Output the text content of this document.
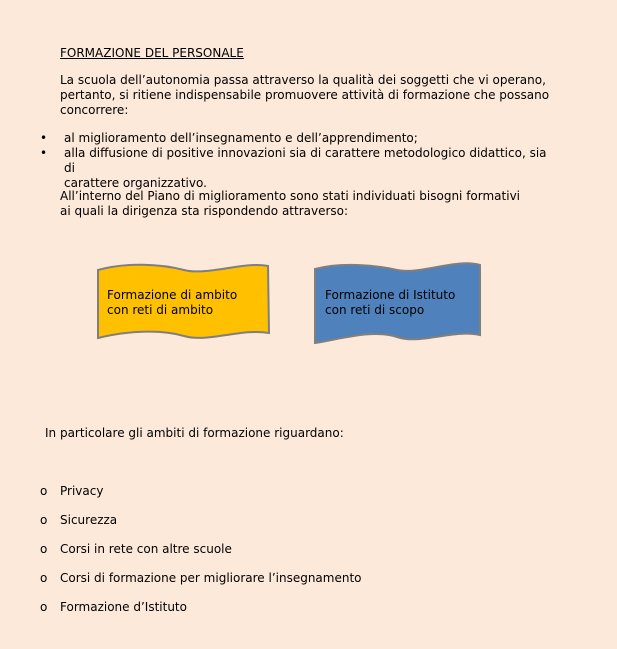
FORMAZIONE DEL PERSONALE
La scuola dell’autonomia passa attraverso la qualità dei soggetti che vi operano,
pertanto, si ritiene indispensabile promuovere attività di formazione che possano
concorrere:
• al miglioramento dell’insegnamento e dell’apprendimento;
• alla diffusione di positive innovazioni sia di carattere metodologico didattico, sia di
carattere organizzativo.
All’interno del Piano di miglioramento sono stati individuati bisogni formativi
ai quali la dirigenza sta rispondendo attraverso:
Formazione di ambito
con reti di ambito
Formazione di Istituto
con reti di scopo
In particolare gli ambiti di formazione riguardano:
o Privacy
o Sicurezza
o Corsi in rete con altre scuole
o Corsi di formazione per migliorare l’insegnamento
o Formazione d’Istituto
